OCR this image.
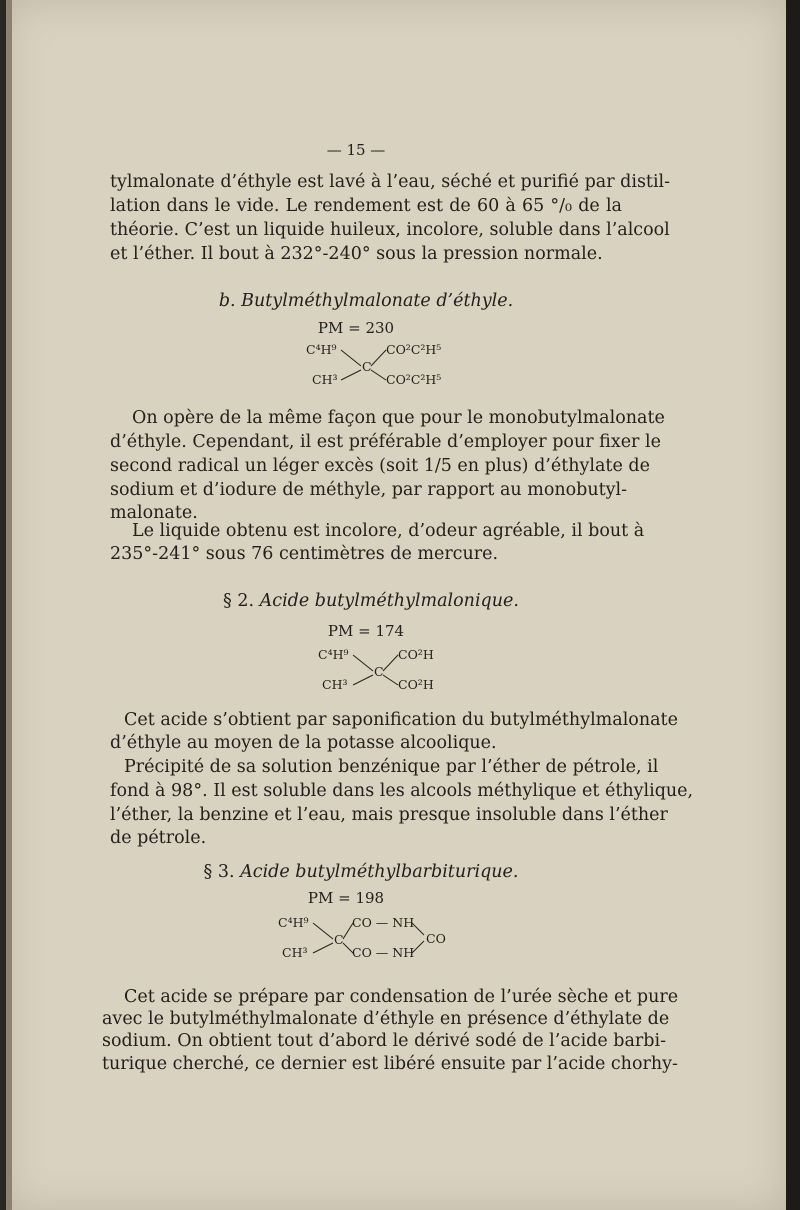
— 15 —
tylmalonate d’éthyle est lavé à l’eau, séché et purifié par distil-
lation dans le vide. Le rendement est de 60 à 65 °/₀ de la
théorie. C’est un liquide huileux, incolore, soluble dans l’alcool
et l’éther. Il bout à 232°-240° sous la pression normale.
b. Butylméthylmalonate d’éthyle.
PM = 230
C⁴H⁹
CH³
C
CO²C²H⁵
CO²C²H⁵
On opère de la même façon que pour le monobutylmalonate
d’éthyle. Cependant, il est préférable d’employer pour fixer le
second radical un léger excès (soit 1/5 en plus) d’éthylate de
sodium et d’iodure de méthyle, par rapport au monobutyl-
malonate.
Le liquide obtenu est incolore, d’odeur agréable, il bout à
235°-241° sous 76 centimètres de mercure.
§ 2. Acide butylméthylmalonique.
PM = 174
C⁴H⁹
CH³
C
CO²H
CO²H
Cet acide s’obtient par saponification du butylméthylmalonate
d’éthyle au moyen de la potasse alcoolique.
Précipité de sa solution benzénique par l’éther de pétrole, il
fond à 98°. Il est soluble dans les alcools méthylique et éthylique,
l’éther, la benzine et l’eau, mais presque insoluble dans l’éther
de pétrole.
§ 3. Acide butylméthylbarbiturique.
PM = 198
C⁴H⁹
CH³
C
CO — NH
CO — NH
CO
Cet acide se prépare par condensation de l’urée sèche et pure
avec le butylméthylmalonate d’éthyle en présence d’éthylate de
sodium. On obtient tout d’abord le dérivé sodé de l’acide barbi-
turique cherché, ce dernier est libéré ensuite par l’acide chorhy-
